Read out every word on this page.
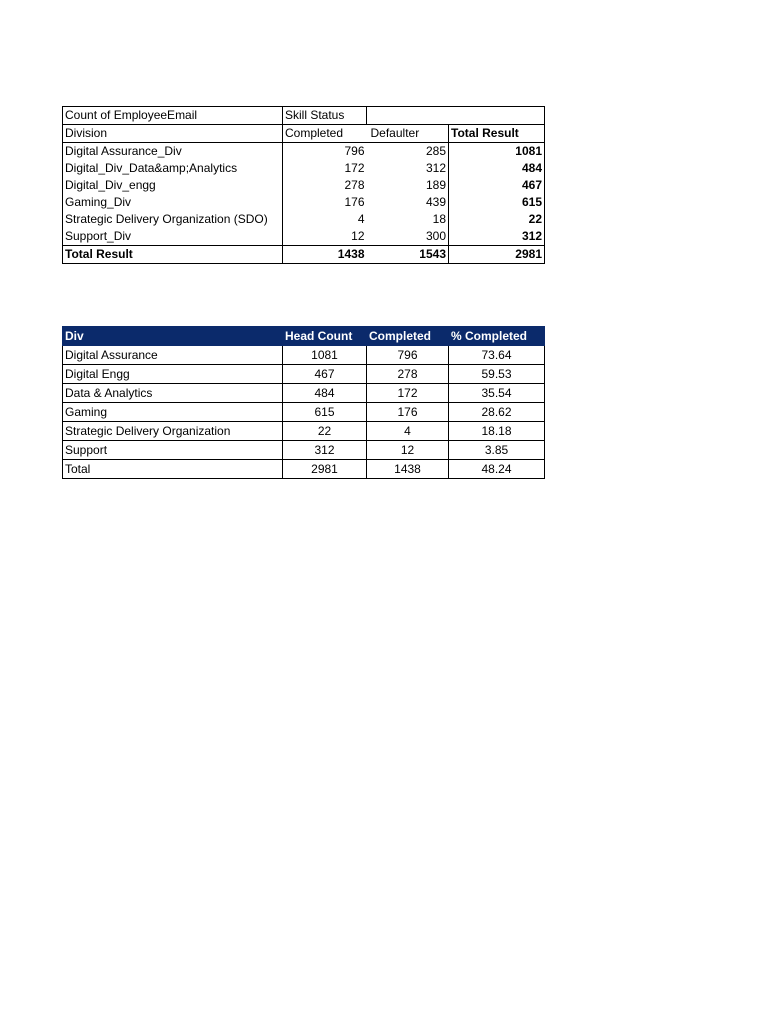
Count of EmployeeEmail	Skill Status		
Division	Completed	Defaulter	Total Result
Digital Assurance_Div	796	285	1081
Digital_Div_Data&amp;Analytics	172	312	484
Digital_Div_engg	278	189	467
Gaming_Div	176	439	615
Strategic Delivery Organization (SDO)	4	18	22
Support_Div	12	300	312
Total Result	1438	1543	2981
Div	Head Count	Completed	% Completed
Digital Assurance	1081	796	73.64
Digital Engg	467	278	59.53
Data & Analytics	484	172	35.54
Gaming	615	176	28.62
Strategic Delivery Organization	22	4	18.18
Support	312	12	3.85
Total	2981	1438	48.24
